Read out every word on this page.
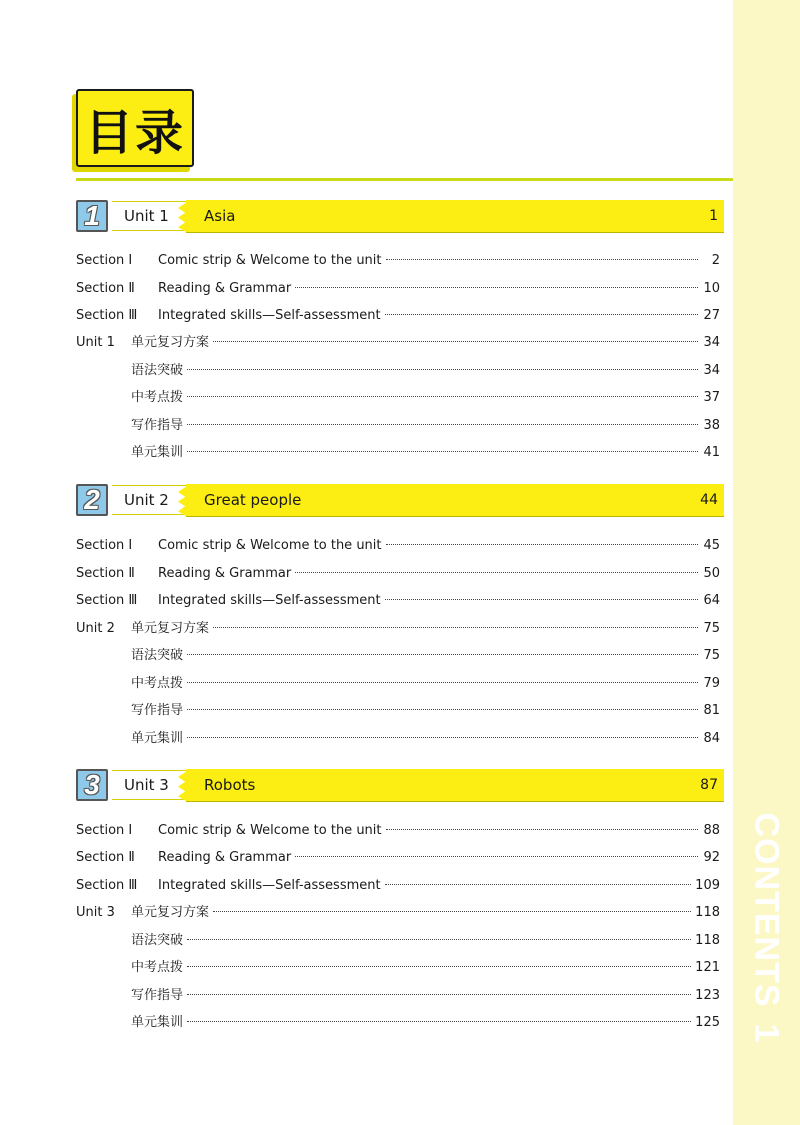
CONTENTS1
目录
1	Unit 1 Asia	1
Section Ⅰ	Comic strip & Welcome to the unit	2
Section Ⅱ	Reading & Grammar	10
Section Ⅲ	Integrated skills—Self-assessment	27
Unit 1	单元复习方案	34
语法突破	34
中考点拨	37
写作指导	38
单元集训	41
2	Unit 2 Great people	44
Section Ⅰ	Comic strip & Welcome to the unit	45
Section Ⅱ	Reading & Grammar	50
Section Ⅲ	Integrated skills—Self-assessment	64
Unit 2	单元复习方案	75
语法突破	75
中考点拨	79
写作指导	81
单元集训	84
3	Unit 3 Robots	87
Section Ⅰ	Comic strip & Welcome to the unit	88
Section Ⅱ	Reading & Grammar	92
Section Ⅲ	Integrated skills—Self-assessment	109
Unit 3	单元复习方案	118
语法突破	118
中考点拨	121
写作指导	123
单元集训	125
